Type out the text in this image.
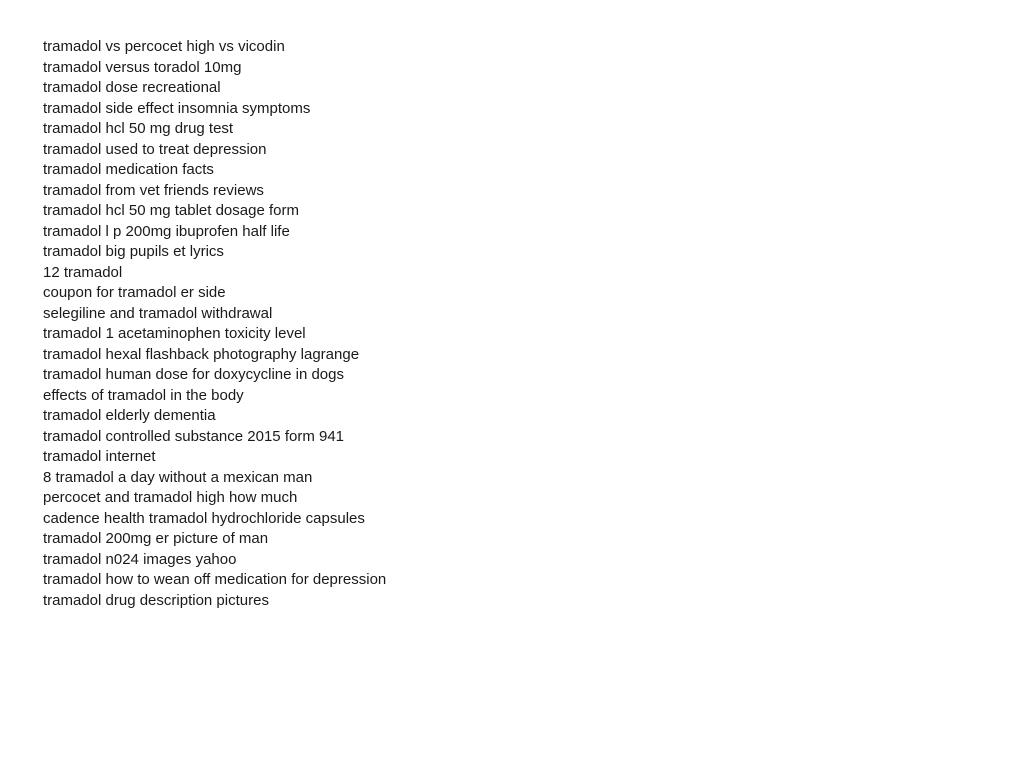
tramadol vs percocet high vs vicodin
tramadol versus toradol 10mg
tramadol dose recreational
tramadol side effect insomnia symptoms
tramadol hcl 50 mg drug test
tramadol used to treat depression
tramadol medication facts
tramadol from vet friends reviews
tramadol hcl 50 mg tablet dosage form
tramadol l p 200mg ibuprofen half life
tramadol big pupils et lyrics
12 tramadol
coupon for tramadol er side
selegiline and tramadol withdrawal
tramadol 1 acetaminophen toxicity level
tramadol hexal flashback photography lagrange
tramadol human dose for doxycycline in dogs
effects of tramadol in the body
tramadol elderly dementia
tramadol controlled substance 2015 form 941
tramadol internet
8 tramadol a day without a mexican man
percocet and tramadol high how much
cadence health tramadol hydrochloride capsules
tramadol 200mg er picture of man
tramadol n024 images yahoo
tramadol how to wean off medication for depression
tramadol drug description pictures
